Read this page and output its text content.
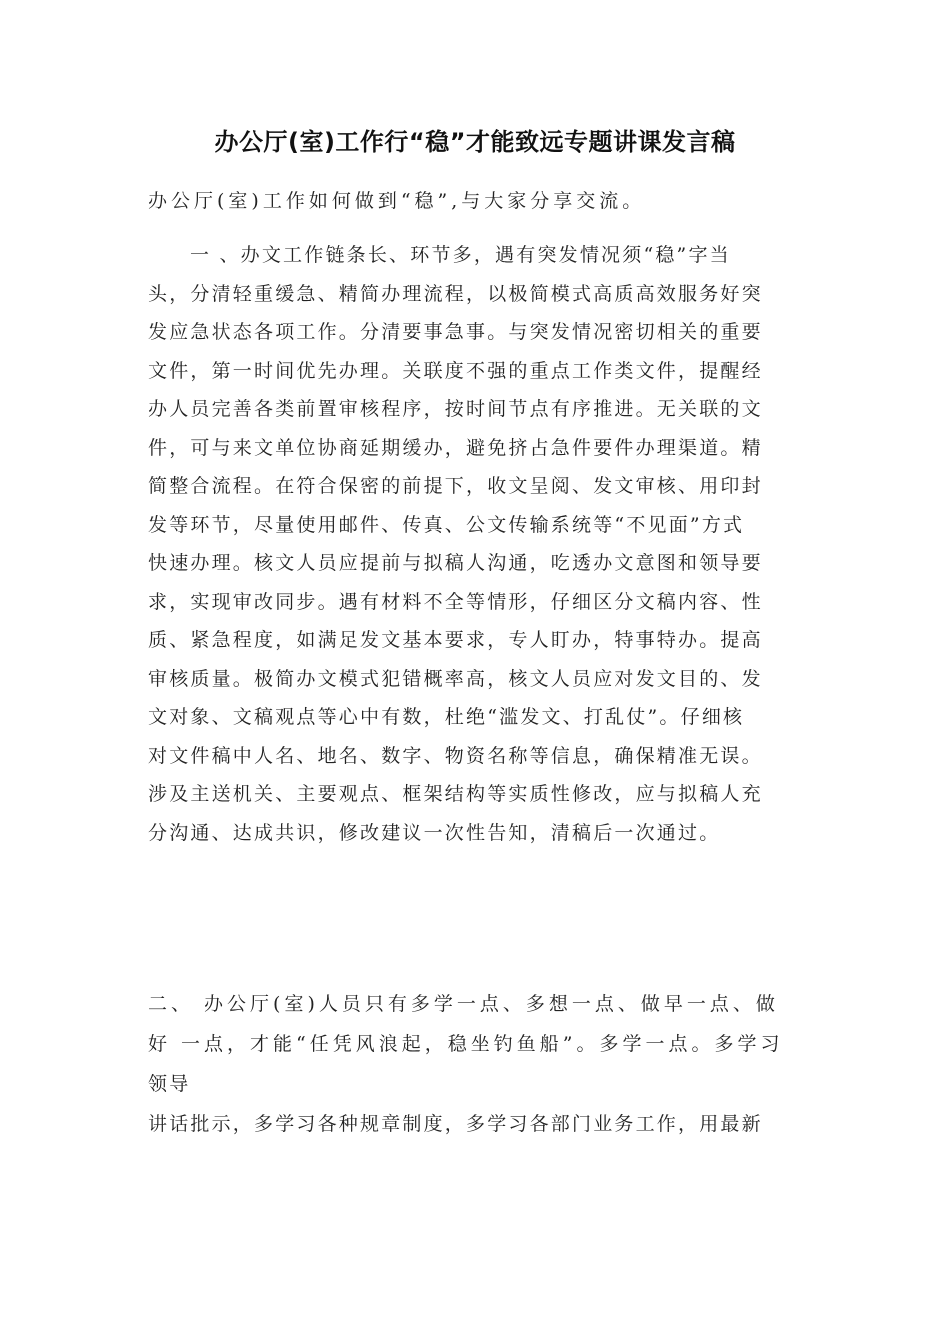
办公厅(室)工作行“稳”才能致远专题讲课发言稿

办公厅(室)工作如何做到“稳”,与大家分享交流。

一 、办文工作链条长、环节多，遇有突发情况须“稳”字当
头，分清轻重缓急、精简办理流程，以极简模式高质高效服务好突
发应急状态各项工作。分清要事急事。与突发情况密切相关的重要
文件，第一时间优先办理。关联度不强的重点工作类文件，提醒经
办人员完善各类前置审核程序，按时间节点有序推进。无关联的文
件，可与来文单位协商延期缓办，避免挤占急件要件办理渠道。精
简整合流程。在符合保密的前提下，收文呈阅、发文审核、用印封
发等环节，尽量使用邮件、传真、公文传输系统等“不见面”方式
快速办理。核文人员应提前与拟稿人沟通，吃透办文意图和领导要
求，实现审改同步。遇有材料不全等情形，仔细区分文稿内容、性
质、紧急程度，如满足发文基本要求，专人盯办，特事特办。提高
审核质量。极简办文模式犯错概率高，核文人员应对发文目的、发
文对象、文稿观点等心中有数，杜绝“滥发文、打乱仗”。仔细核
对文件稿中人名、地名、数字、物资名称等信息，确保精准无误。
涉及主送机关、主要观点、框架结构等实质性修改，应与拟稿人充
分沟通、达成共识，修改建议一次性告知，清稿后一次通过。
二、 办公厅(室)人员只有多学一点、多想一点、做早一点、做
好 一点，才能“任凭风浪起，稳坐钓鱼船”。多学一点。多学习
领导
讲话批示，多学习各种规章制度，多学习各部门业务工作，用最新
